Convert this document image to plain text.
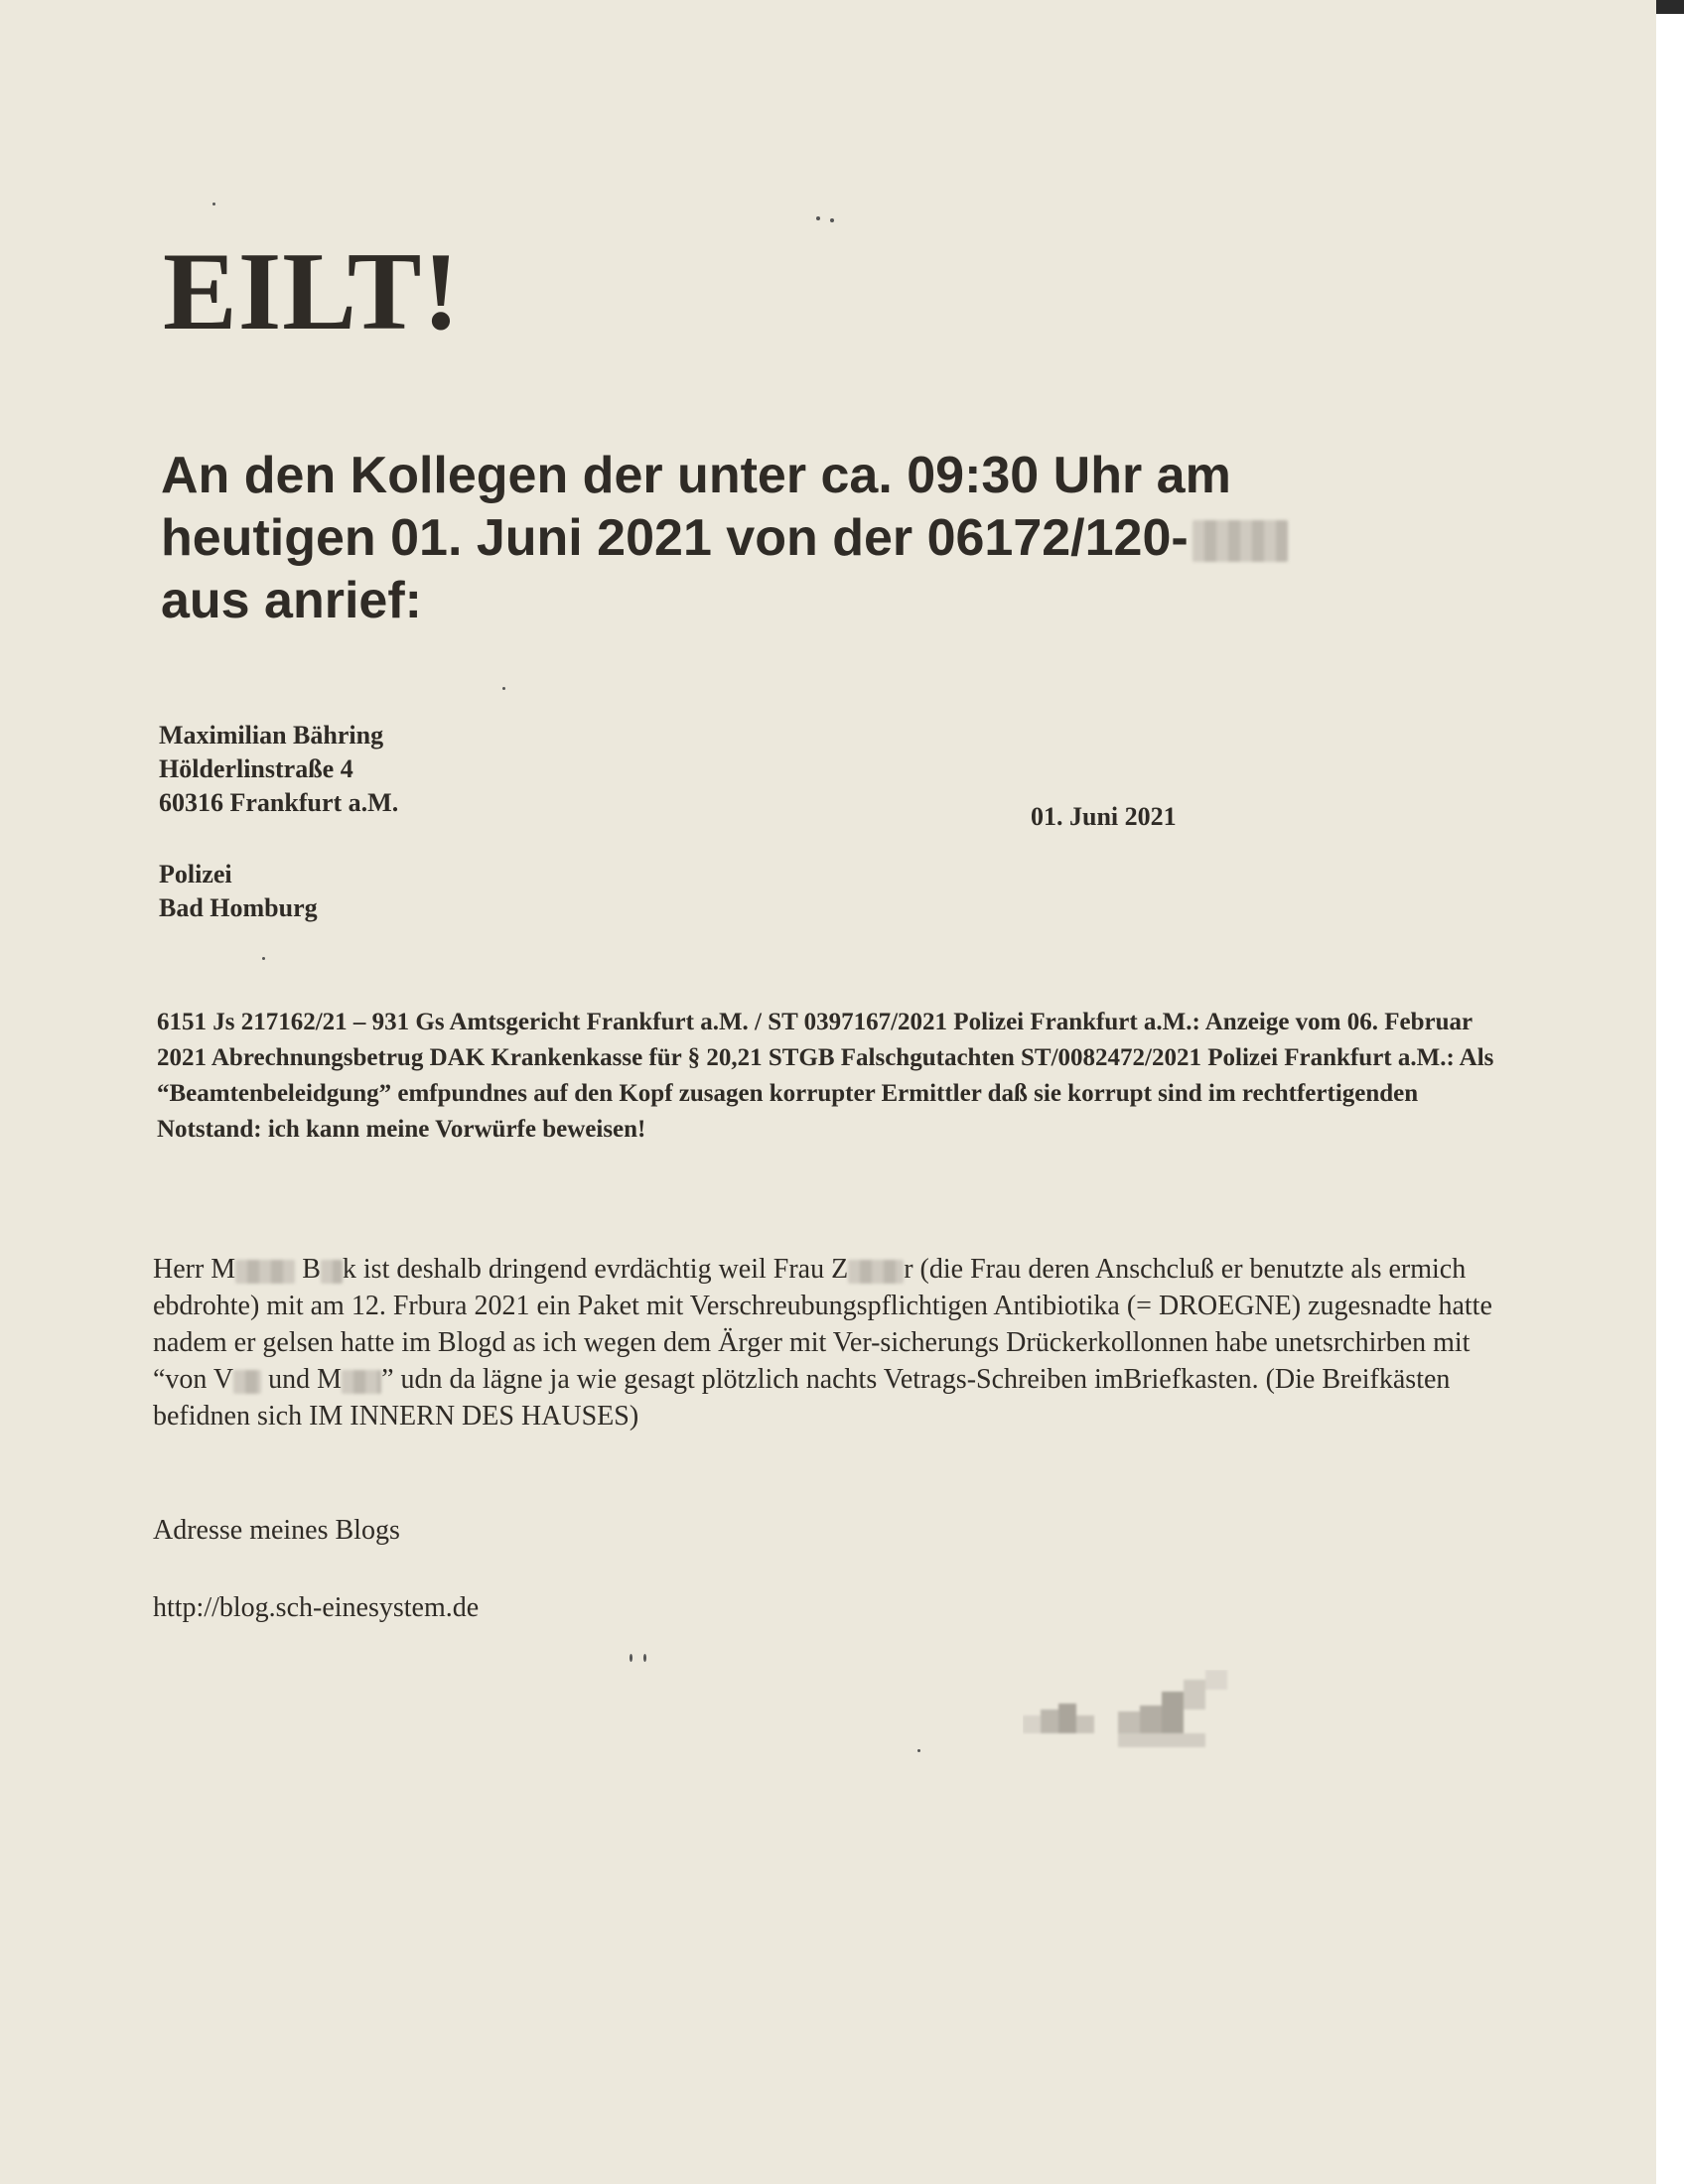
EILT!
An den Kollegen der unter ca. 09:30 Uhr am
heutigen 01. Juni 2021 von der 06172/120-
aus anrief:
Maximilian Bähring
Hölderlinstraße 4
60316 Frankfurt a.M.	01. Juni 2021
Polizei
Bad Homburg

6151 Js 217162/21 – 931 Gs Amtsgericht Frankfurt a.M. / ST 0397167/2021 Polizei Frankfurt a.M.: Anzeige vom 06. Februar 2021 Abrechnungsbetrug DAK Krankenkasse für § 20,21 STGB Falschgutachten ST/0082472/2021 Polizei Frankfurt a.M.: Als “Beamtenbeleidgung” emfpundnes auf den Kopf zusagen korrupter Ermittler daß sie korrupt sind im rechtfertigenden Notstand: ich kann meine Vorwürfe beweisen!

Herr M B k ist deshalb dringend evrdächtig weil Frau Z r (die Frau deren Anschcluß er benutzte als ermich ebdrohte) mit am 12. Frbura 2021 ein Paket mit Verschreubungspflichtigen Antibiotika (= DROEGNE) zugesnadte hatte nadem er gelsen hatte im Blogd as ich wegen dem Ärger mit Ver-sicherungs Drückerkollonnen habe unetsrchirben mit “von V und M ” udn da lägne ja wie gesagt plötzlich nachts Vetrags-Schreiben imBriefkasten. (Die Breifkästen befidnen sich IM INNERN DES HAUSES)

Adresse meines Blogs
http://blog.sch-einesystem.de
